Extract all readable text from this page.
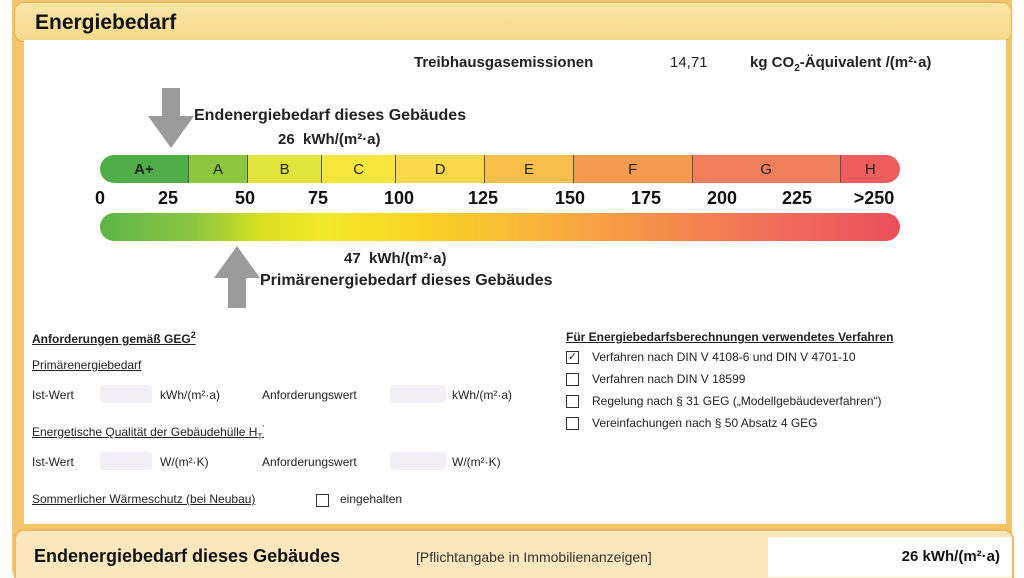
Energiebedarf
Treibhausgasemissionen	14,71	kg $CO_2$-Äquivalent /(m²·a)
Endenergiebedarf dieses Gebäudes
26 kWh/(m²·a)
A+	A	B	C	D	E	F	G	H
0	25	50	75	100	125	150	175	200 225 >250
47 kWh/(m²·a)
Primärenergiebedarf dieses Gebäudes
Anforderungen gemäß GEG$^2$
Primärenergiebedarf
Ist-Wert	kWh/(m²·a)	Anforderungswert	kWh/(m²·a)
Energetische Qualität der Gebäudehülle $H_T'$
Ist-Wert	W/(m²·K)	Anforderungswert	W/(m²·K)
Sommerlicher Wärmeschutz (bei Neubau)	eingehalten
Für Energiebedarfsberechnungen verwendetes Verfahren
✓ Verfahren nach DIN V 4108-6 und DIN V 4701-10
Verfahren nach DIN V 18599
Regelung nach § 31 GEG („Modellgebäudeverfahren“)
Vereinfachungen nach § 50 Absatz 4 GEG
Endenergiebedarf dieses Gebäudes	[Pflichtangabe in Immobilienanzeigen]	26 kWh/(m²·a)
